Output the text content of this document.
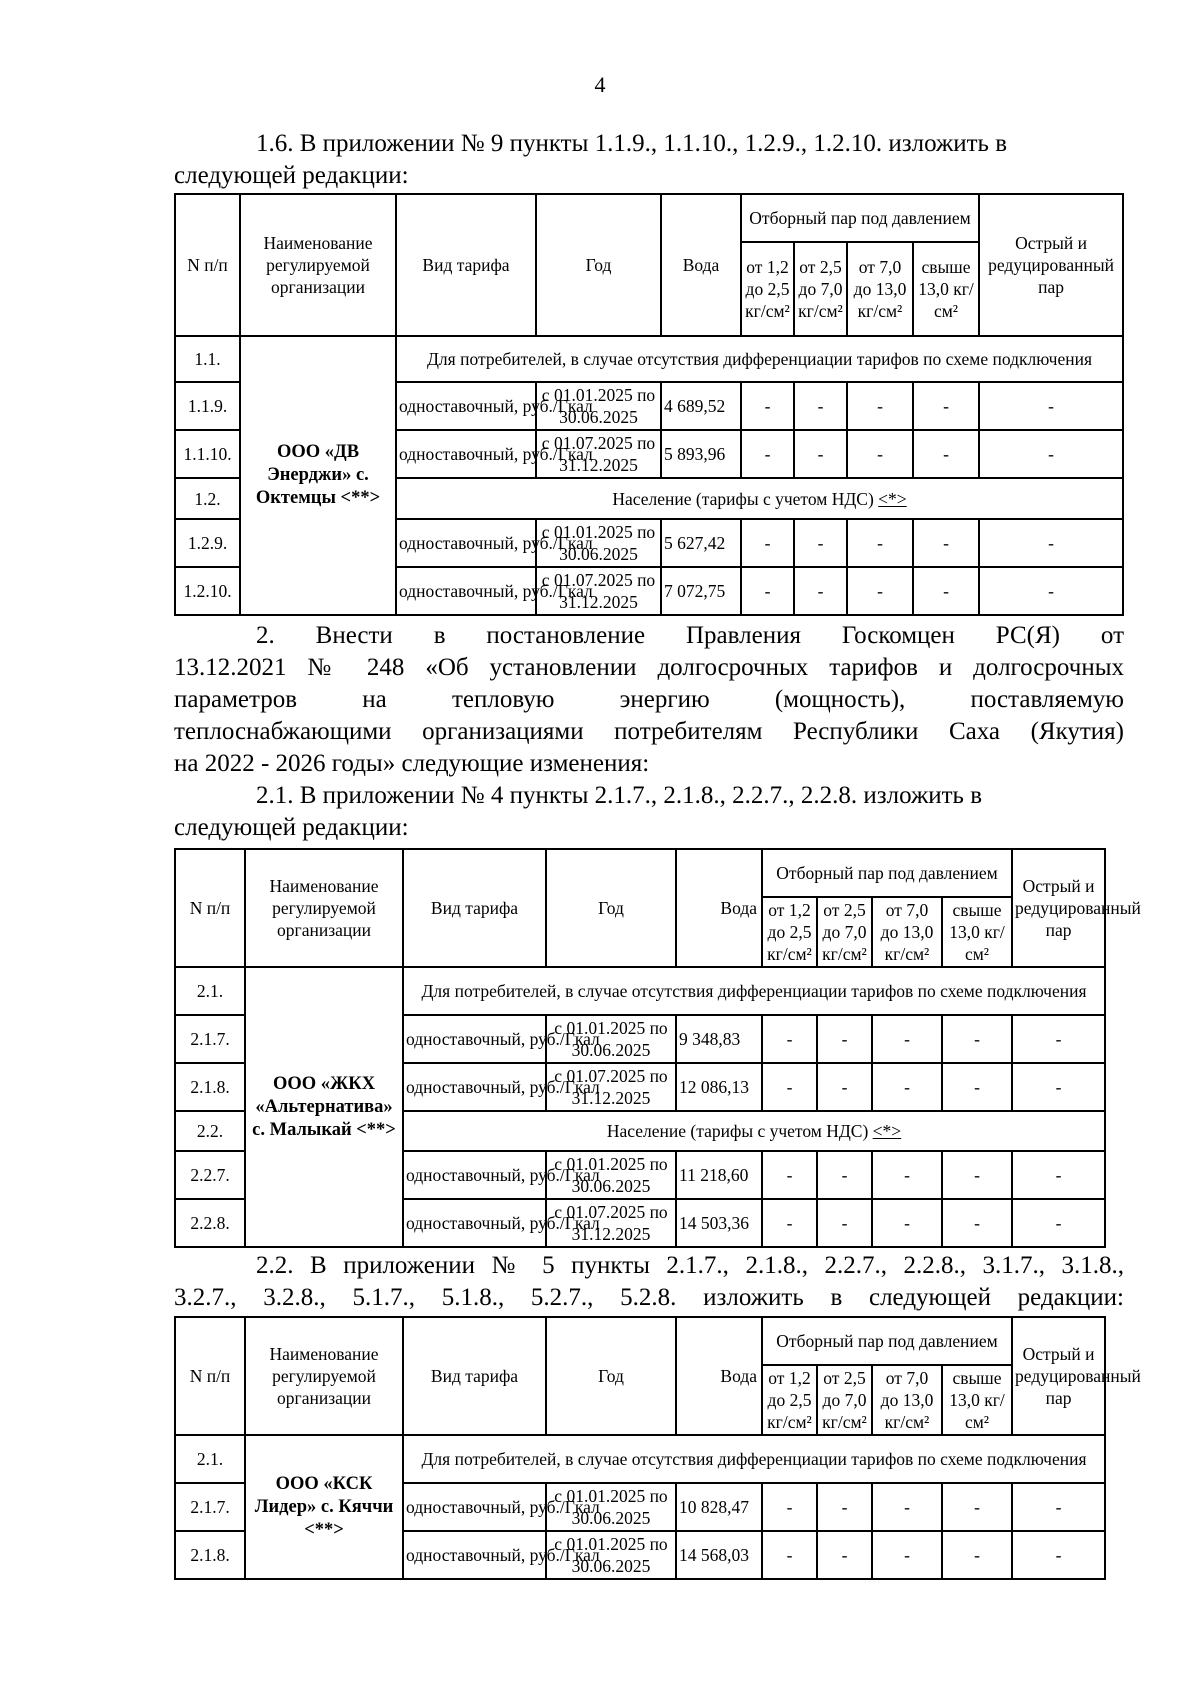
4

1.6. В приложении № 9 пункты 1.1.9., 1.1.10., 1.2.9., 1.2.10. изложить в

следующей редакции:

N п/п	Наименование регулируемой организации	Вид тарифа	Год	Вода	Отборный пар под давлением				Острый и редуцированный пар
					от 1,2 до 2,5 кг/см²	от 2,5 до 7,0 кг/см²	от 7,0 до 13,0 кг/см²	свыше 13,0 кг/см²	
1.1.	ООО «ДВ Энерджи» с. Октемцы <**>	Для потребителей, в случае отсутствия дифференциации тарифов по схеме подключения							
1.1.9.		одноставочный, руб./Гкал	с 01.01.2025 по 30.06.2025	4 689,52	-	-	-	-	-
1.1.10.		одноставочный, руб./Гкал	с 01.07.2025 по 31.12.2025	5 893,96	-	-	-	-	-
1.2.		Население (тарифы с учетом НДС) <*>							
1.2.9.		одноставочный, руб./Гкал	с 01.01.2025 по 30.06.2025	5 627,42	-	-	-	-	-
1.2.10.		одноставочный, руб./Гкал	с 01.07.2025 по 31.12.2025	7 072,75	-	-	-	-	-

2. Внести в постановление Правления Госкомцен РС(Я) от

13.12.2021 № 248 «Об установлении долгосрочных тарифов и долгосрочных

параметров на тепловую энергию (мощность), поставляемую

теплоснабжающими организациями потребителям Республики Саха (Якутия)

на 2022 - 2026 годы» следующие изменения:

2.1. В приложении № 4 пункты 2.1.7., 2.1.8., 2.2.7., 2.2.8. изложить в

следующей редакции:

N п/п	Наименование регулируемой организации	Вид тарифа	Год	Вода	Отборный пар под давлением				Острый и редуцированный пар
					от 1,2 до 2,5 кг/см²	от 2,5 до 7,0 кг/см²	от 7,0 до 13,0 кг/см²	свыше 13,0 кг/см²	
2.1.	ООО «ЖКХ «Альтернатива» с. Малыкай <**>	Для потребителей, в случае отсутствия дифференциации тарифов по схеме подключения							
2.1.7.		одноставочный, руб./Гкал	с 01.01.2025 по 30.06.2025	9 348,83	-	-	-	-	-
2.1.8.		одноставочный, руб./Гкал	с 01.07.2025 по 31.12.2025	12 086,13	-	-	-	-	-
2.2.		Население (тарифы с учетом НДС) <*>							
2.2.7.		одноставочный, руб./Гкал	с 01.01.2025 по 30.06.2025	11 218,60	-	-	-	-	-
2.2.8.		одноставочный, руб./Гкал	с 01.07.2025 по 31.12.2025	14 503,36	-	-	-	-	-

2.2. В приложении № 5 пункты 2.1.7., 2.1.8., 2.2.7., 2.2.8., 3.1.7., 3.1.8.,

3.2.7., 3.2.8., 5.1.7., 5.1.8., 5.2.7., 5.2.8. изложить в следующей редакции:

N п/п	Наименование регулируемой организации	Вид тарифа	Год	Вода	Отборный пар под давлением				Острый и редуцированный пар
					от 1,2 до 2,5 кг/см²	от 2,5 до 7,0 кг/см²	от 7,0 до 13,0 кг/см²	свыше 13,0 кг/см²	
2.1.	ООО «КСК Лидер» с. Кяччи <**>	Для потребителей, в случае отсутствия дифференциации тарифов по схеме подключения							
2.1.7.		одноставочный, руб./Гкал	с 01.01.2025 по 30.06.2025	10 828,47	-	-	-	-	-
2.1.8.		одноставочный, руб./Гкал	с 01.01.2025 по 30.06.2025	14 568,03	-	-	-	-	-
